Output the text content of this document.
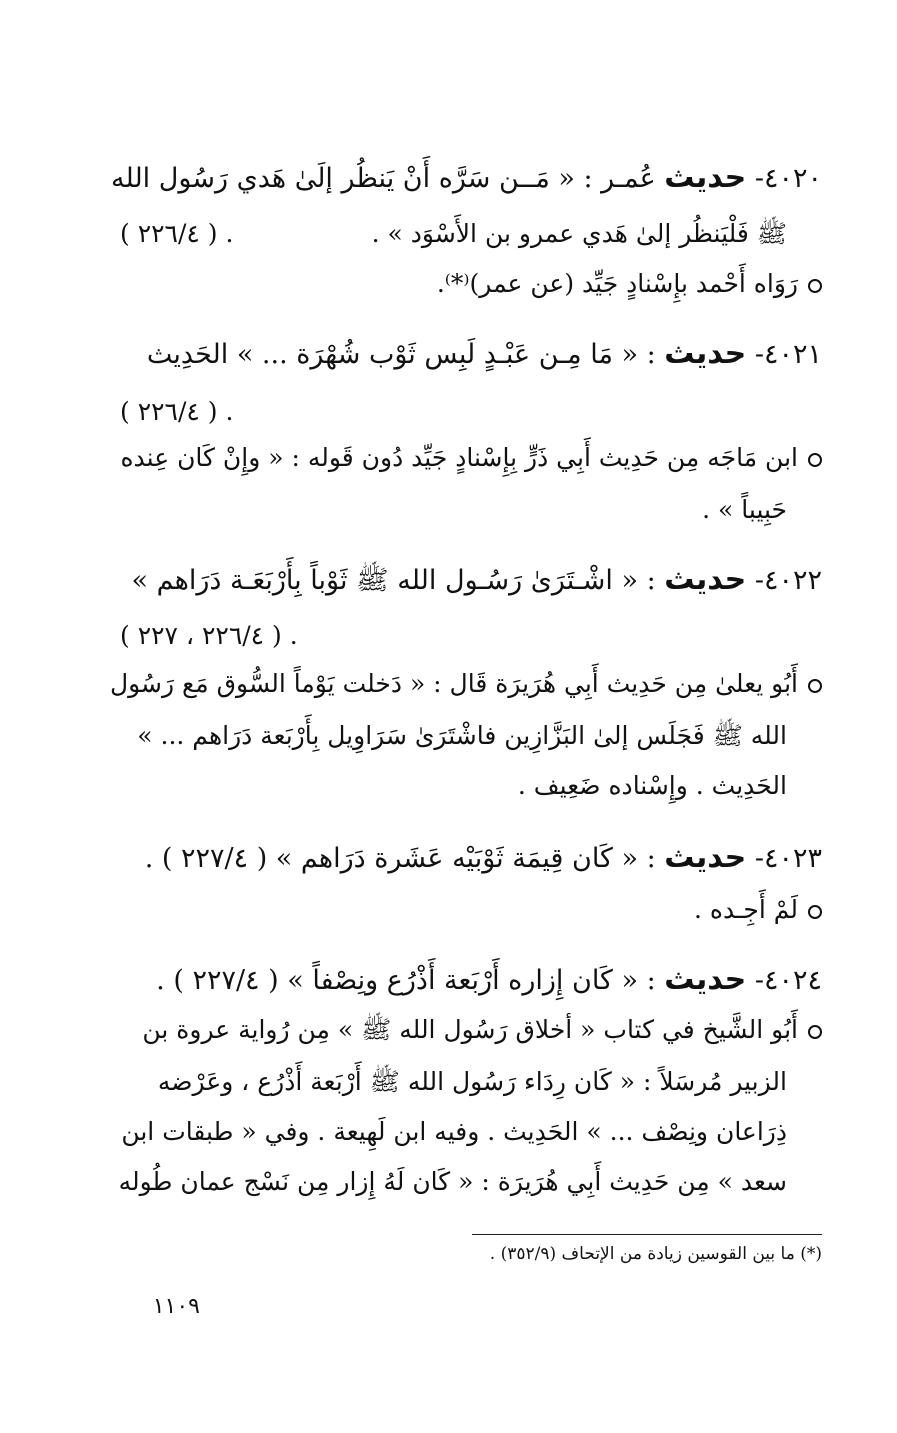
٤٠٢٠- حديث عُمـر : « مَــن سَرَّه أَنْ يَنظُر إلَىٰ هَدي رَسُول الله
ﷺ فَلْيَنظُر إلىٰ هَدي عمرو بن الأَسْوَد » .
. ( ٢٢٦/٤ )
رَوَاه أَحْمد بإِسْنادٍ جَيِّد (عن عمر)⁽*⁾.
٤٠٢١- حديث : « مَا مِـن عَبْـدٍ لَبِس ثَوْب شُهْرَة ... » الحَدِيث
. ( ٢٢٦/٤ )
ابن مَاجَه مِن حَدِيث أَبِي ذَرٍّ بِإِسْنادٍ جَيِّد دُون قَوله : « وإِنْ كَان عِنده
حَبِيباً » .
٤٠٢٢- حديث : « اشْـتَرَىٰ رَسُـول الله ﷺ ثَوْباً بِأَرْبَعَـة دَرَاهم »
. ( ٢٢٦/٤ ، ٢٢٧ )
أَبُو يعلىٰ مِن حَدِيث أَبِي هُرَيرَة قَال : « دَخلت يَوْماً السُّوق مَع رَسُول
الله ﷺ فَجَلَس إلىٰ البَزَّازِين فاشْتَرَىٰ سَرَاوِيل بِأَرْبَعة دَرَاهم ... »
الحَدِيث . وإِسْناده ضَعِيف .
٤٠٢٣- حديث : « كَان قِيمَة ثَوْبَيْه عَشَرة دَرَاهم » ( ٢٢٧/٤ ) .
لَمْ أَجِـده .
٤٠٢٤- حديث : « كَان إِزاره أَرْبَعة أَذْرُع ونِصْفاً » ( ٢٢٧/٤ ) .
أَبُو الشَّيخ في كتاب « أخلاق رَسُول الله ﷺ » مِن رُواية عروة بن
الزبير مُرسَلاً : « كَان رِدَاء رَسُول الله ﷺ أَرْبَعة أَذْرُع ، وعَرْضه
ذِرَاعان ونِصْف ... » الحَدِيث . وفيه ابن لَهِيعة . وفي « طبقات ابن
سعد » مِن حَدِيث أَبِي هُرَيرَة : « كَان لَهُ إِزار مِن نَسْج عمان طُوله
(*) ما بين القوسين زيادة من الإتحاف (٣٥٢/٩) .
١١٠٩
